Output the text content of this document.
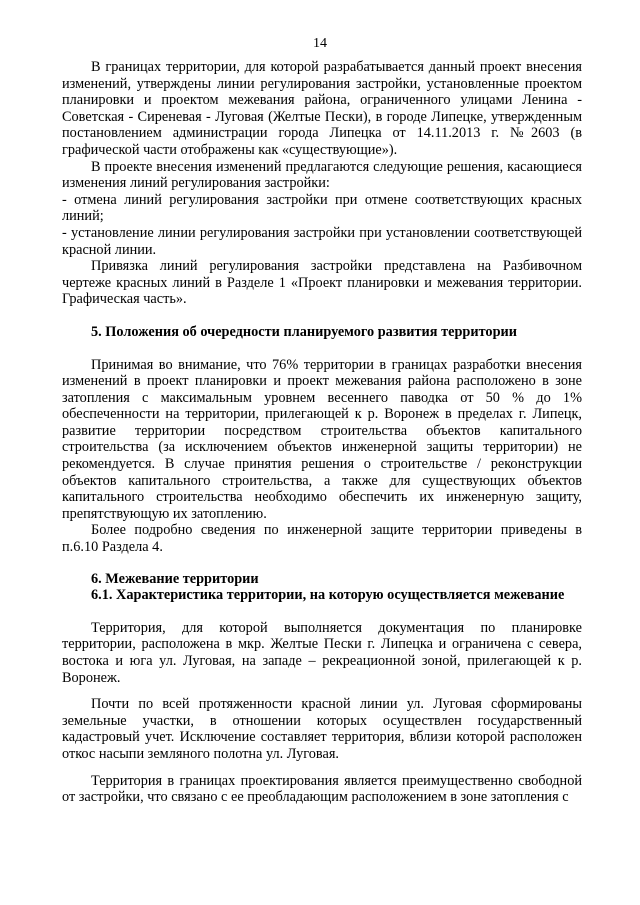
14

В границах территории, для которой разрабатывается данный проект внесения изменений, утверждены линии регулирования застройки, установленные проектом планировки и проектом межевания района, ограниченного улицами Ленина - Советская - Сиреневая - Луговая (Желтые Пески), в городе Липецке, утвержденным постановлением администрации города Липецка от 14.11.2013 г. №2603 (в графической части отображены как «существующие»).

В проекте внесения изменений предлагаются следующие решения, касающиеся изменения линий регулирования застройки:

- отмена линий регулирования застройки при отмене соответствующих красных линий;

- установление линии регулирования застройки при установлении соответствующей красной линии.

Привязка линий регулирования застройки представлена на Разбивочном чертеже красных линий в Разделе 1 «Проект планировки и межевания территории. Графическая часть».

5. Положения об очередности планируемого развития территории

Принимая во внимание, что 76% территории в границах разработки внесения изменений в проект планировки и проект межевания района расположено в зоне затопления с максимальным уровнем весеннего паводка от 50 % до 1% обеспеченности на территории, прилегающей к р. Воронеж в пределах г. Липецк, развитие территории посредством строительства объектов капитального строительства (за исключением объектов инженерной защиты территории) не рекомендуется. В случае принятия решения о строительстве / реконструкции объектов капитального строительства, а также для существующих объектов капитального строительства необходимо обеспечить их инженерную защиту, препятствующую их затоплению.

Более подробно сведения по инженерной защите территории приведены в п.6.10 Раздела 4.

6. Межевание территории

6.1. Характеристика территории, на которую осуществляется межевание

Территория, для которой выполняется документация по планировке территории, расположена в мкр. Желтые Пески г. Липецка и ограничена с севера, востока и юга ул. Луговая, на западе – рекреационной зоной, прилегающей к р. Воронеж.

Почти по всей протяженности красной линии ул. Луговая сформированы земельные участки, в отношении которых осуществлен государственный кадастровый учет. Исключение составляет территория, вблизи которой расположен откос насыпи земляного полотна ул. Луговая.

Территория в границах проектирования является преимущественно свободной от застройки, что связано с ее преобладающим расположением в зоне затопления с
